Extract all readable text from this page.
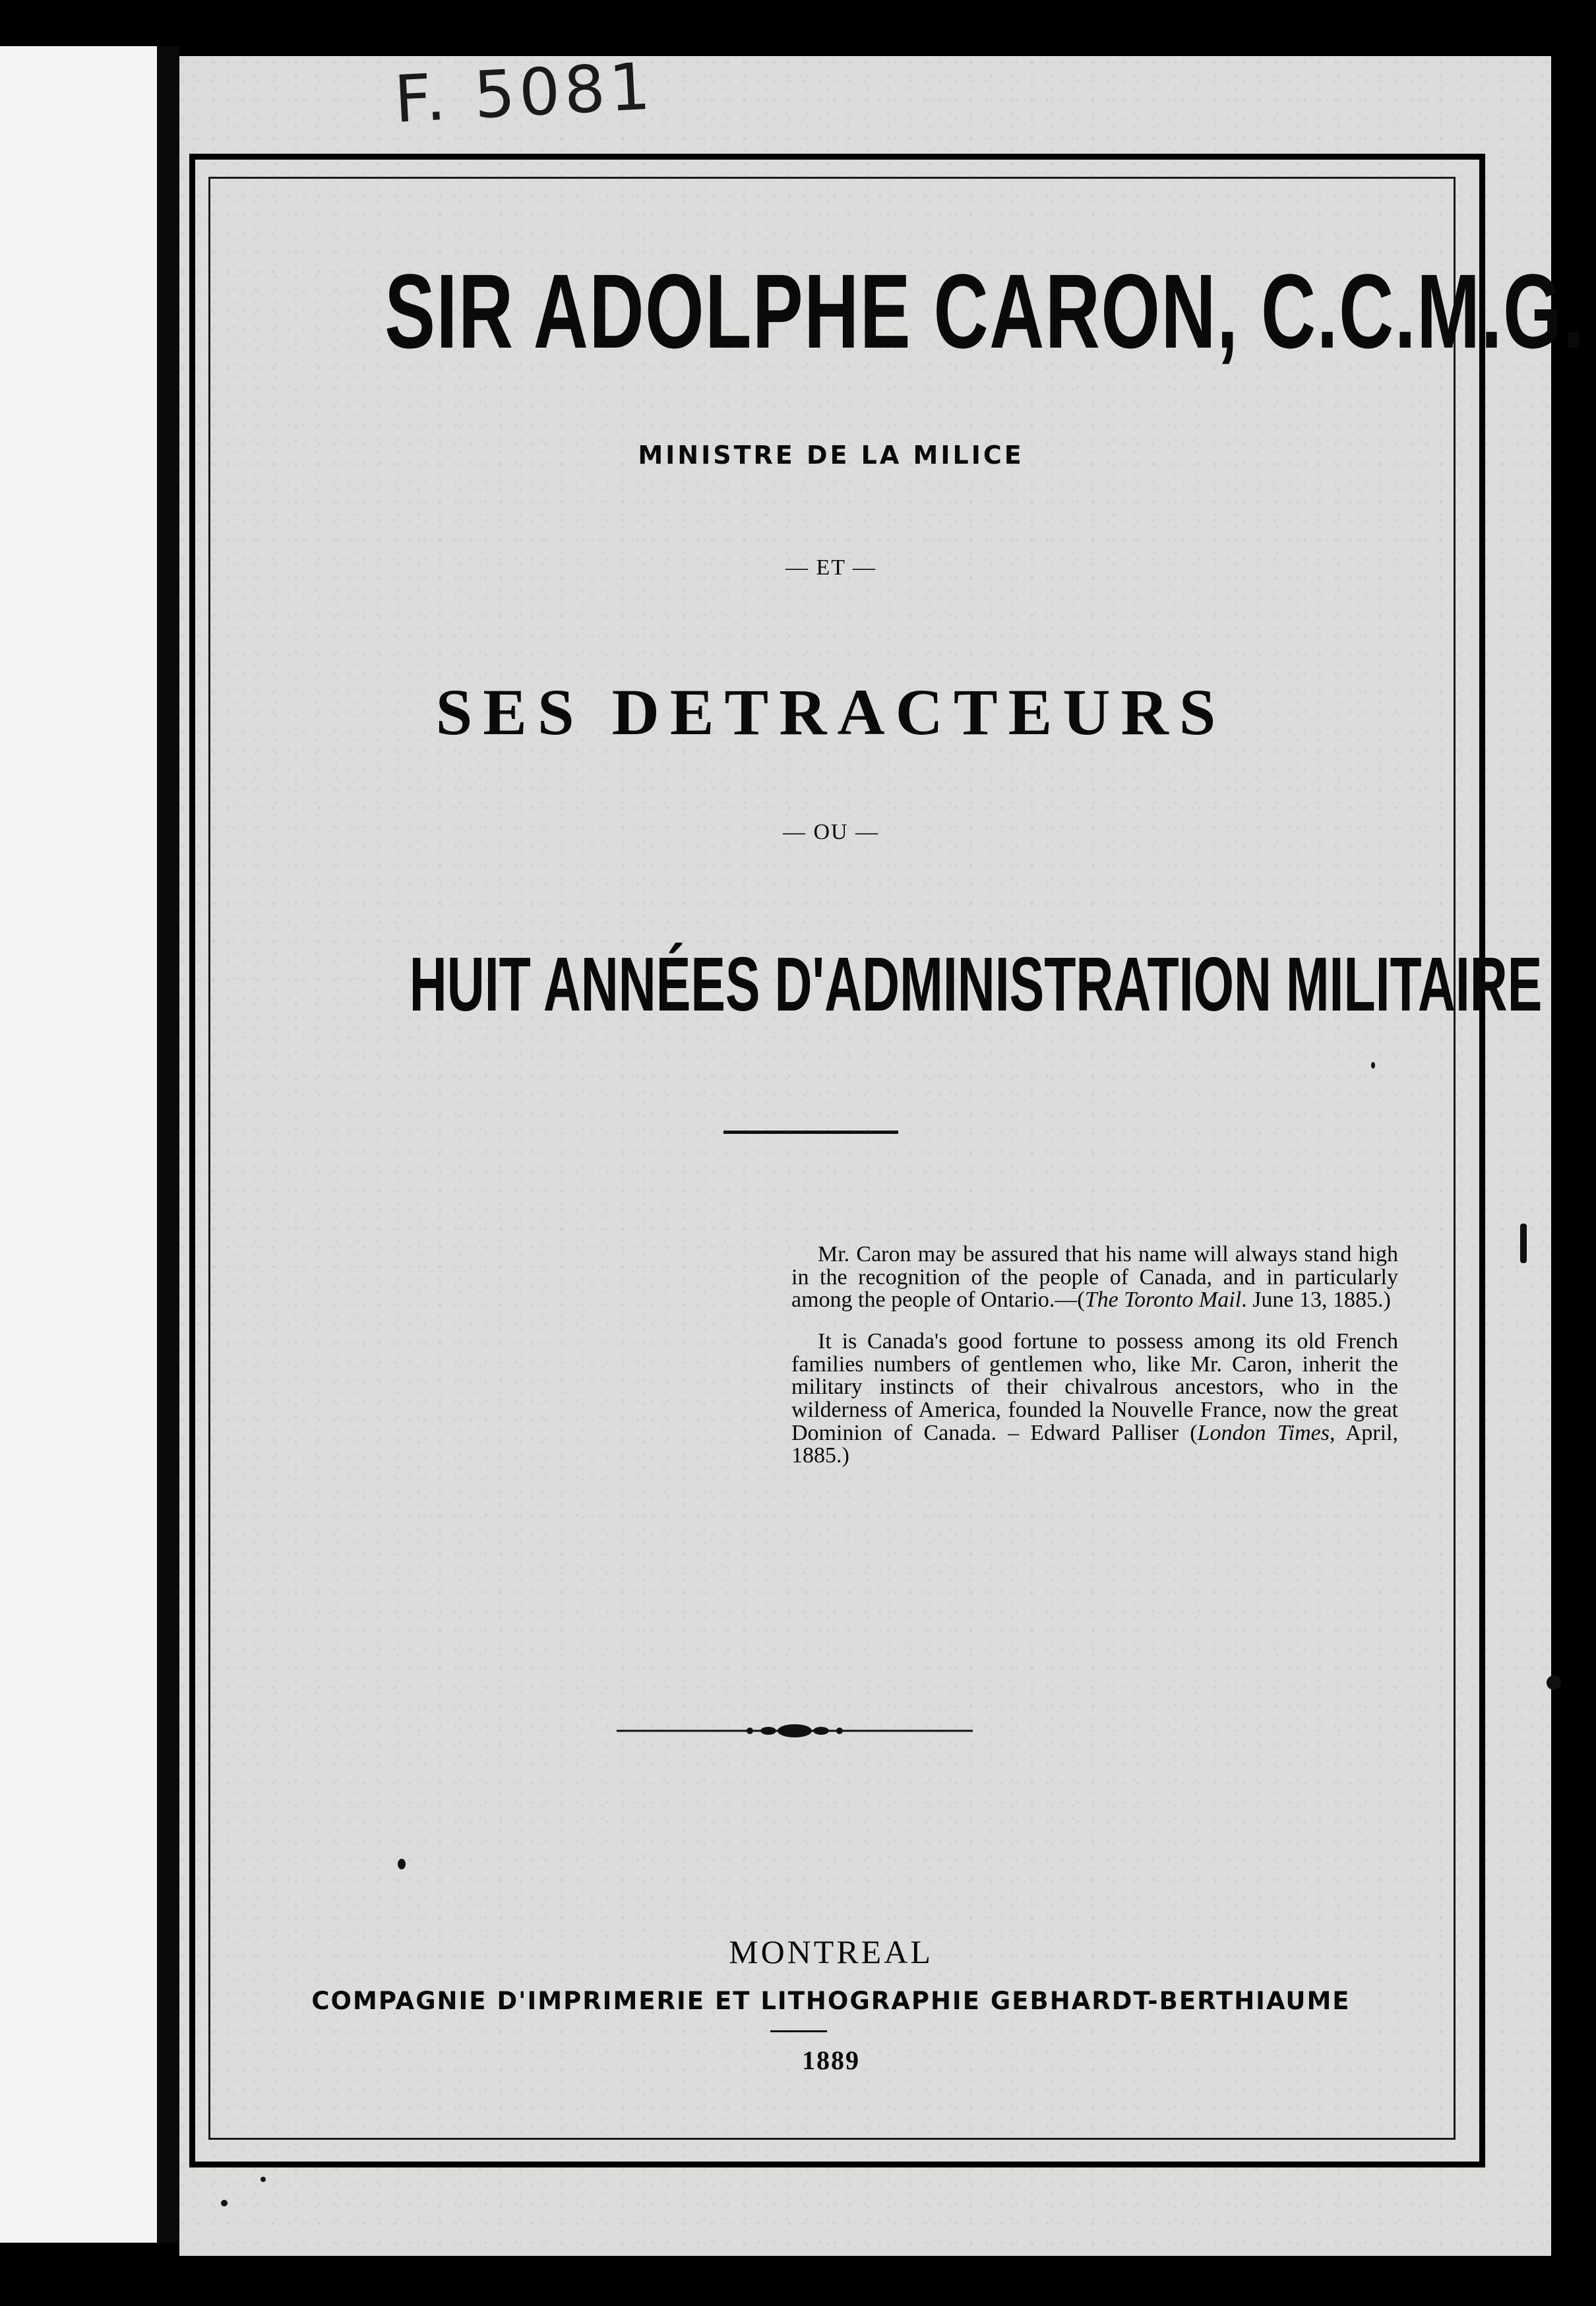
F. 5081
SIR ADOLPHE CARON, C.C.M.G.
MINISTRE DE LA MILICE
— ET —
SES DETRACTEURS
— OU —
HUIT ANNÉES D'ADMINISTRATION MILITAIRE

Mr. Caron may be assured that his name will always stand high in the recognition of the people of Canada, and in particularly among the people of Ontario.—(The Toronto Mail. June 13, 1885.)

It is Canada's good fortune to possess among its old French families numbers of gentlemen who, like Mr. Caron, inherit the military instincts of their chivalrous ancestors, who in the wilderness of America, founded la Nouvelle France, now the great Dominion of Canada. – Edward Palliser (London Times, April, 1885.)

MONTREAL
COMPAGNIE D'IMPRIMERIE ET LITHOGRAPHIE GEBHARDT-BERTHIAUME
1889
